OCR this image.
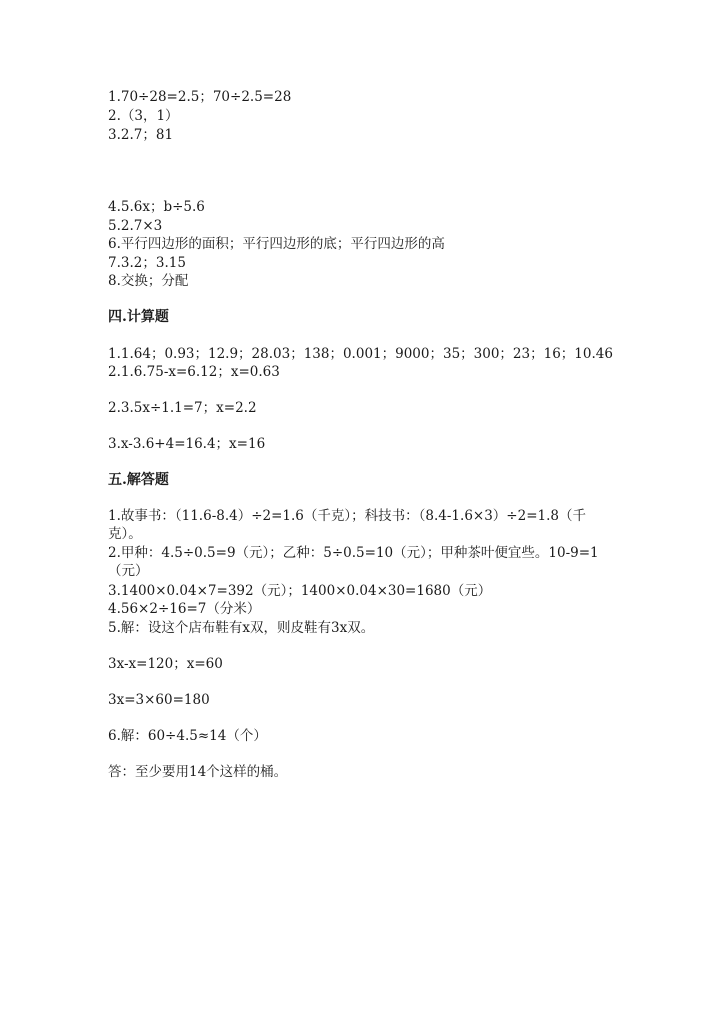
1.70÷28=2.5；70÷2.5=28
2.（3，1）
3.2.7；81
4.5.6x；b÷5.6
5.2.7×3
6.平行四边形的面积；平行四边形的底；平行四边形的高
7.3.2；3.15
8.交换；分配
四.计算题
1.1.64；0.93；12.9；28.03；138；0.001；9000；35；300；23；16；10.46
2.1.6.75-x=6.12；x=0.63
2.3.5x÷1.1=7；x=2.2
3.x-3.6+4=16.4；x=16
五.解答题
1.故事书：（11.6-8.4）÷2=1.6（千克）；科技书：（8.4-1.6×3）÷2=1.8（千克）。
2.甲种：4.5÷0.5=9（元）；乙种：5÷0.5=10（元）；甲种茶叶便宜些。10-9=1（元）
3.1400×0.04×7=392（元）；1400×0.04×30=1680（元）
4.56×2÷16=7（分米）
5.解：设这个店布鞋有x双，则皮鞋有3x双。
3x-x=120；x=60
3x=3×60=180
6.解：60÷4.5≈14（个）
答：至少要用14个这样的桶。
